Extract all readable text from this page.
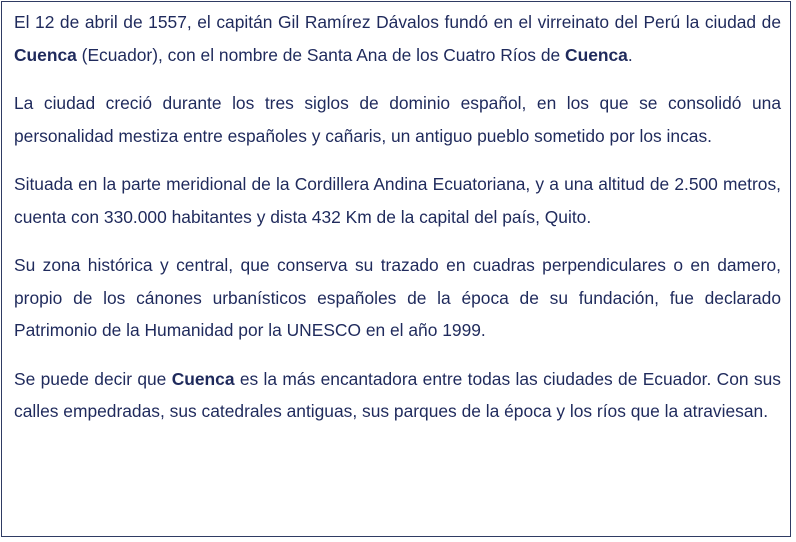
El 12 de abril de 1557, el capitán Gil Ramírez Dávalos fundó en el virreinato del Perú la ciudad de Cuenca (Ecuador), con el nombre de Santa Ana de los Cuatro Ríos de Cuenca.

La ciudad creció durante los tres siglos de dominio español, en los que se consolidó una personalidad mestiza entre españoles y cañaris, un antiguo pueblo sometido por los incas.

Situada en la parte meridional de la Cordillera Andina Ecuatoriana, y a una altitud de 2.500 metros, cuenta con 330.000 habitantes y dista 432 Km de la capital del país, Quito.

Su zona histórica y central, que conserva su trazado en cuadras perpendiculares o en damero, propio de los cánones urbanísticos españoles de la época de su fundación, fue declarado Patrimonio de la Humanidad por la UNESCO en el año 1999.

Se puede decir que Cuenca es la más encantadora entre todas las ciudades de Ecuador. Con sus calles empedradas, sus catedrales antiguas, sus parques de la época y los ríos que la atraviesan.
